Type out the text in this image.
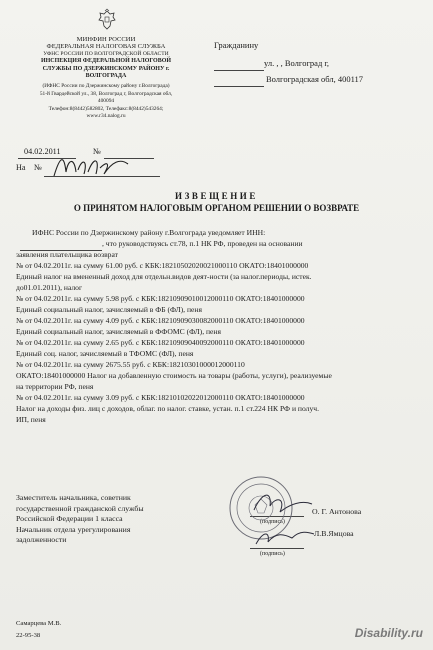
МИНФИН РОССИИ
ФЕДЕРАЛЬНАЯ НАЛОГОВАЯ СЛУЖБА
УФНС РОССИИ ПО ВОЛГОГРАДСКОЙ ОБЛАСТИ
ИНСПЕКЦИЯ ФЕДЕРАЛЬНОЙ НАЛОГОВОЙ
СЛУЖБЫ ПО ДЗЕРЖИНСКОМУ РАЙОНУ г.
ВОЛГОГРАДА
(ИФНС России по Дзержинскому району г.Волгограда)
51-й Гвардейской ул., 38, Волгоград г, Волгоградская обл,
400094
Телефон:8(8442)582802, Телефакс:8(8442)543264;
www.r34.nalog.ru
Гражданину
ул. , , Волгоград г,
Волгоградская обл, 400117
04.02.2011	№
На №
ИЗВЕЩЕНИЕ
О ПРИНЯТОМ НАЛОГОВЫМ ОРГАНОМ РЕШЕНИИ О ВОЗВРАТЕ
ИФНС России по Дзержинскому району г.Волгограда уведомляет ИНН:
, что руководствуясь ст.78, п.1 НК РФ, проведен на основании
заявления плательщика возврат
№ от 04.02.2011г. на сумму 61.00 руб. с КБК:18210502020021000110 ОКАТО:18401000000
Единый налог на вмененный доход для отдельн.видов деят-ности (за налог.периоды, истек.
до01.01.2011), налог
№ от 04.02.2011г. на сумму 5.98 руб. с КБК:18210909010012000110 ОКАТО:18401000000
Единый социальный налог, зачисляемый в ФБ (ФЛ), пеня
№ от 04.02.2011г. на сумму 4.09 руб. с КБК:18210909030082000110 ОКАТО:18401000000
Единый социальный налог, зачисляемый в ФФОМС (ФЛ), пеня
№ от 04.02.2011г. на сумму 2.65 руб. с КБК:18210909040092000110 ОКАТО:18401000000
Единый соц. налог, зачисляемый в ТФОМС (ФЛ), пеня
№ от 04.02.2011г. на сумму 2675.55 руб. с КБК:18210301000012000110
ОКАТО:18401000000 Налог на добавленную стоимость на товары (работы, услуги), реализуемые
на территории РФ, пеня
№ от 04.02.2011г. на сумму 3.09 руб. с КБК:18210102022012000110 ОКАТО:18401000000
Налог на доходы физ. лиц с доходов, облаг. по налог. ставке, устан. п.1 ст.224 НК РФ и получ.
ИП, пеня
Заместитель начальника, советник
государственной гражданской службы
Российской Федерации 1 класса
Начальник отдела урегулирования
задолженности
(подпись)
О. Г. Антонова
(подпись)
Л.В.Ямцова
Самарцева М.В.
22-95-38	Disability.ru
